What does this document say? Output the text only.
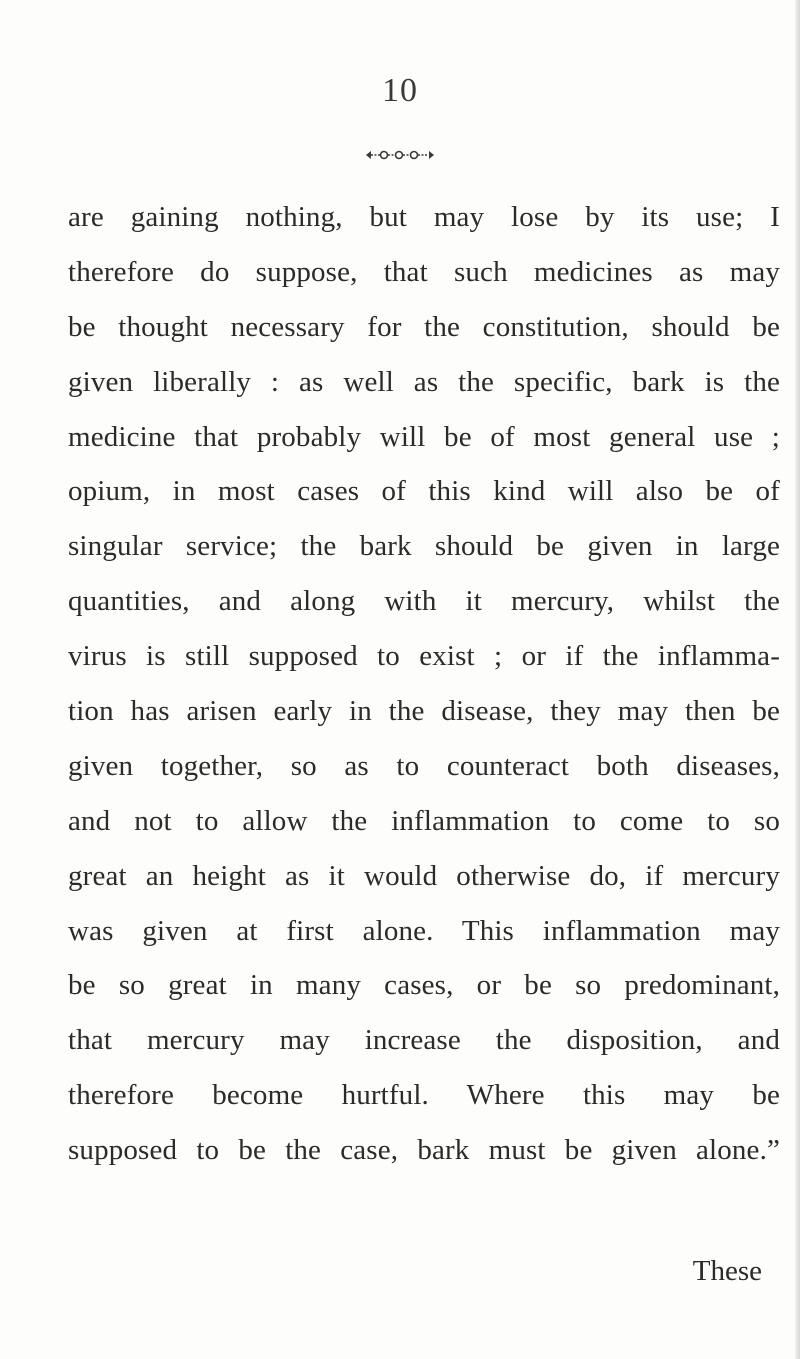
10
are gaining nothing, but may lose by its use; I
therefore do suppose, that such medicines as may
be thought necessary for the constitution, should be
given liberally : as well as the specific, bark is the
medicine that probably will be of most general use ;
opium, in most cases of this kind will also be of
singular service; the bark should be given in large
quantities, and along with it mercury, whilst the
virus is still supposed to exist ; or if the inflamma-
tion has arisen early in the disease, they may then be
given together, so as to counteract both diseases,
and not to allow the inflammation to come to so
great an height as it would otherwise do, if mercury
was given at first alone. This inflammation may
be so great in many cases, or be so predominant,
that mercury may increase the disposition, and
therefore become hurtful. Where this may be
supposed to be the case, bark must be given alone.”
These
